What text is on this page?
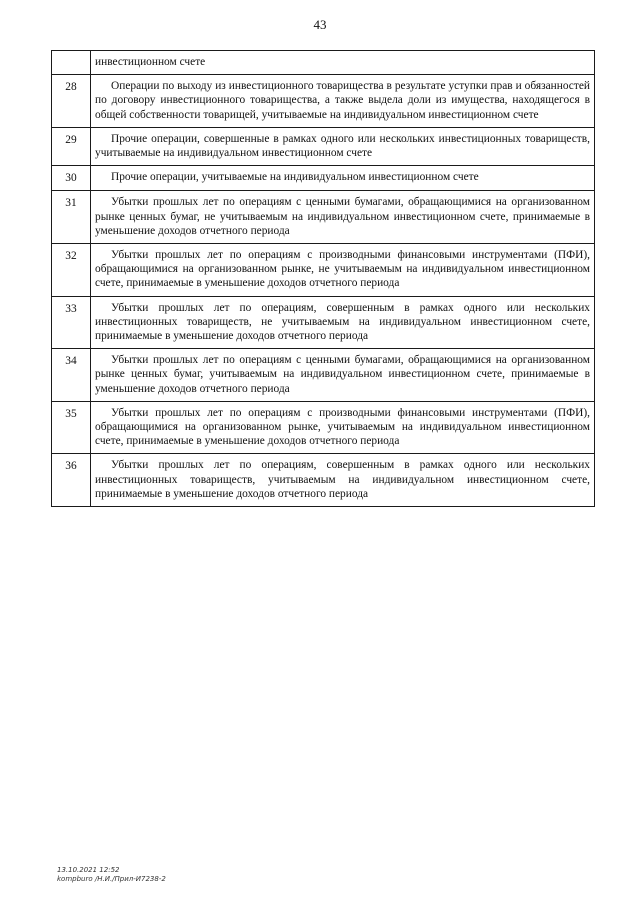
43
	инвестиционном счете
28	Операции по выходу из инвестиционного товарищества в результате уступки прав и обязанностей по договору инвестиционного товарищества, а также выдела доли из имущества, находящегося в общей собственности товарищей, учитываемые на индивидуальном инвестиционном счете
29	Прочие операции, совершенные в рамках одного или нескольких инвестиционных товариществ, учитываемые на индивидуальном инвестиционном счете
30	Прочие операции, учитываемые на индивидуальном инвестиционном счете
31	Убытки прошлых лет по операциям с ценными бумагами, обращающимися на организованном рынке ценных бумаг, не учитываемым на индивидуальном инвестиционном счете, принимаемые в уменьшение доходов отчетного периода
32	Убытки прошлых лет по операциям с производными финансовыми инструментами (ПФИ), обращающимися на организованном рынке, не учитываемым на индивидуальном инвестиционном счете, принимаемые в уменьшение доходов отчетного периода
33	Убытки прошлых лет по операциям, совершенным в рамках одного или нескольких инвестиционных товариществ, не учитываемым на индивидуальном инвестиционном счете, принимаемые в уменьшение доходов отчетного периода
34	Убытки прошлых лет по операциям с ценными бумагами, обращающимися на организованном рынке ценных бумаг, учитываемым на индивидуальном инвестиционном счете, принимаемые в уменьшение доходов отчетного периода
35	Убытки прошлых лет по операциям с производными финансовыми инструментами (ПФИ), обращающимися на организованном рынке, учитываемым на индивидуальном инвестиционном счете, принимаемые в уменьшение доходов отчетного периода
36	Убытки прошлых лет по операциям, совершенным в рамках одного или нескольких инвестиционных товариществ, учитываемым на индивидуальном инвестиционном счете, принимаемые в уменьшение доходов отчетного периода
13.10.2021 12:52
kompburo /Н.И./Прил-И7238-2
